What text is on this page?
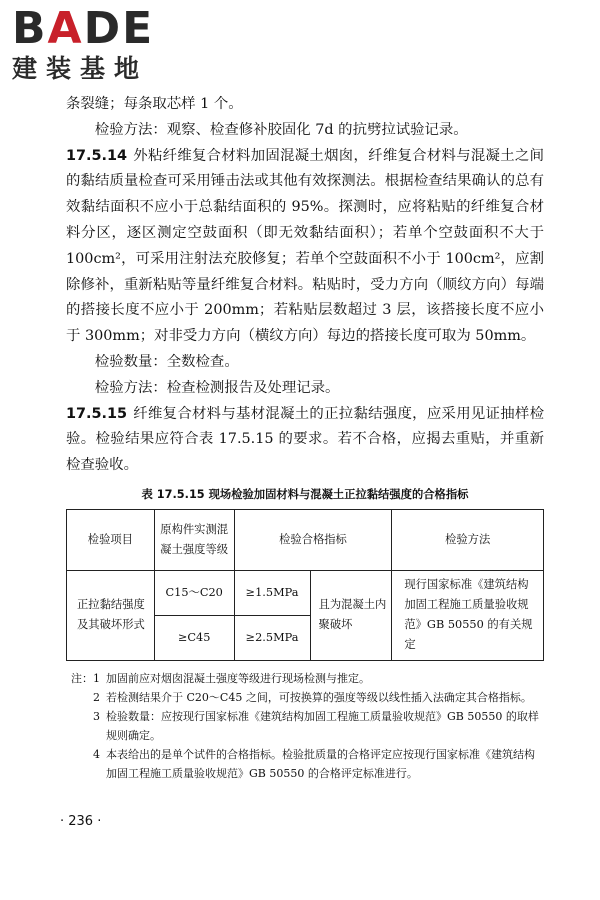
BADE
建装基地

条裂缝；每条取芯样 1 个。

检验方法：观察、检查修补胶固化 7d 的抗劈拉试验记录。

17.5.14 外粘纤维复合材料加固混凝土烟囱，纤维复合材料与混凝土之间的黏结质量检查可采用锤击法或其他有效探测法。根据检查结果确认的总有效黏结面积不应小于总黏结面积的 95%。探测时，应将粘贴的纤维复合材料分区，逐区测定空鼓面积（即无效黏结面积）；若单个空鼓面积不大于 100cm²，可采用注射法充胶修复；若单个空鼓面积不小于 100cm²，应割除修补，重新粘贴等量纤维复合材料。粘贴时，受力方向（顺纹方向）每端的搭接长度不应小于 200mm；若粘贴层数超过 3 层，该搭接长度不应小于 300mm；对非受力方向（横纹方向）每边的搭接长度可取为 50mm。

检验数量：全数检查。

检验方法：检查检测报告及处理记录。

17.5.15 纤维复合材料与基材混凝土的正拉黏结强度，应采用见证抽样检验。检验结果应符合表 17.5.15 的要求。若不合格，应揭去重贴，并重新检查验收。

表 17.5.15 现场检验加固材料与混凝土正拉黏结强度的合格指标
检验项目	原构件实测混凝土强度等级	检验合格指标		检验方法
正拉黏结强度及其破坏形式	C15～C20	≥1.5MPa	且为混凝土内聚破坏	现行国家标准《建筑结构加固工程施工质量验收规范》GB 50550 的有关规定
	≥C45	≥2.5MPa		
注：1 加固前应对烟囱混凝土强度等级进行现场检测与推定。
2 若检测结果介于 C20～C45 之间，可按换算的强度等级以线性插入法确定其合格指标。
3 检验数量：应按现行国家标准《建筑结构加固工程施工质量验收规范》GB 50550 的取样规则确定。
4 本表给出的是单个试件的合格指标。检验批质量的合格评定应按现行国家标准《建筑结构加固工程施工质量验收规范》GB 50550 的合格评定标准进行。
· 236 ·
